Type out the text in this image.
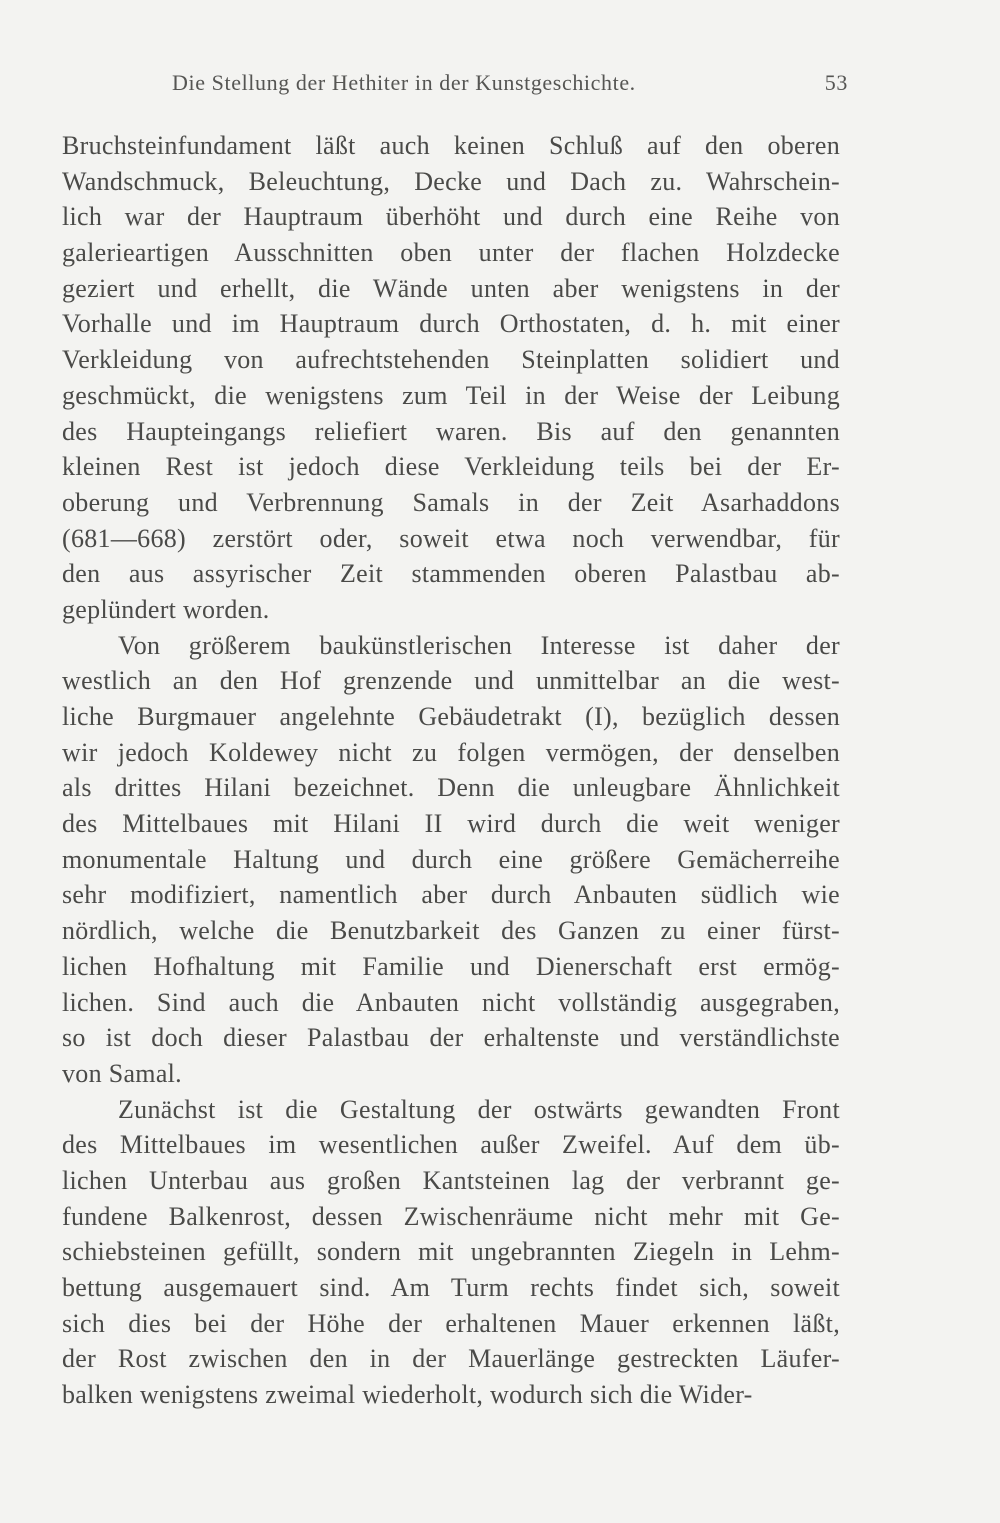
Die Stellung der Hethiter in der Kunstgeschichte.	53
Bruchsteinfundament läßt auch keinen Schluß auf den oberen
Wandschmuck, Beleuchtung, Decke und Dach zu. Wahrschein-
lich war der Hauptraum überhöht und durch eine Reihe von
galerieartigen Ausschnitten oben unter der flachen Holzdecke
geziert und erhellt, die Wände unten aber wenigstens in der
Vorhalle und im Hauptraum durch Orthostaten, d. h. mit einer
Verkleidung von aufrechtstehenden Steinplatten solidiert und
geschmückt, die wenigstens zum Teil in der Weise der Leibung
des Haupteingangs reliefiert waren. Bis auf den genannten
kleinen Rest ist jedoch diese Verkleidung teils bei der Er-
oberung und Verbrennung Samals in der Zeit Asarhaddons
(681—668) zerstört oder, soweit etwa noch verwendbar, für
den aus assyrischer Zeit stammenden oberen Palastbau ab-
geplündert worden.
Von größerem baukünstlerischen Interesse ist daher der
westlich an den Hof grenzende und unmittelbar an die west-
liche Burgmauer angelehnte Gebäudetrakt (I), bezüglich dessen
wir jedoch Koldewey nicht zu folgen vermögen, der denselben
als drittes Hilani bezeichnet. Denn die unleugbare Ähnlichkeit
des Mittelbaues mit Hilani II wird durch die weit weniger
monumentale Haltung und durch eine größere Gemächerreihe
sehr modifiziert, namentlich aber durch Anbauten südlich wie
nördlich, welche die Benutzbarkeit des Ganzen zu einer fürst-
lichen Hofhaltung mit Familie und Dienerschaft erst ermög-
lichen. Sind auch die Anbauten nicht vollständig ausgegraben,
so ist doch dieser Palastbau der erhaltenste und verständlichste
von Samal.
Zunächst ist die Gestaltung der ostwärts gewandten Front
des Mittelbaues im wesentlichen außer Zweifel. Auf dem üb-
lichen Unterbau aus großen Kantsteinen lag der verbrannt ge-
fundene Balkenrost, dessen Zwischenräume nicht mehr mit Ge-
schiebsteinen gefüllt, sondern mit ungebrannten Ziegeln in Lehm-
bettung ausgemauert sind. Am Turm rechts findet sich, soweit
sich dies bei der Höhe der erhaltenen Mauer erkennen läßt,
der Rost zwischen den in der Mauerlänge gestreckten Läufer-
balken wenigstens zweimal wiederholt, wodurch sich die Wider-
